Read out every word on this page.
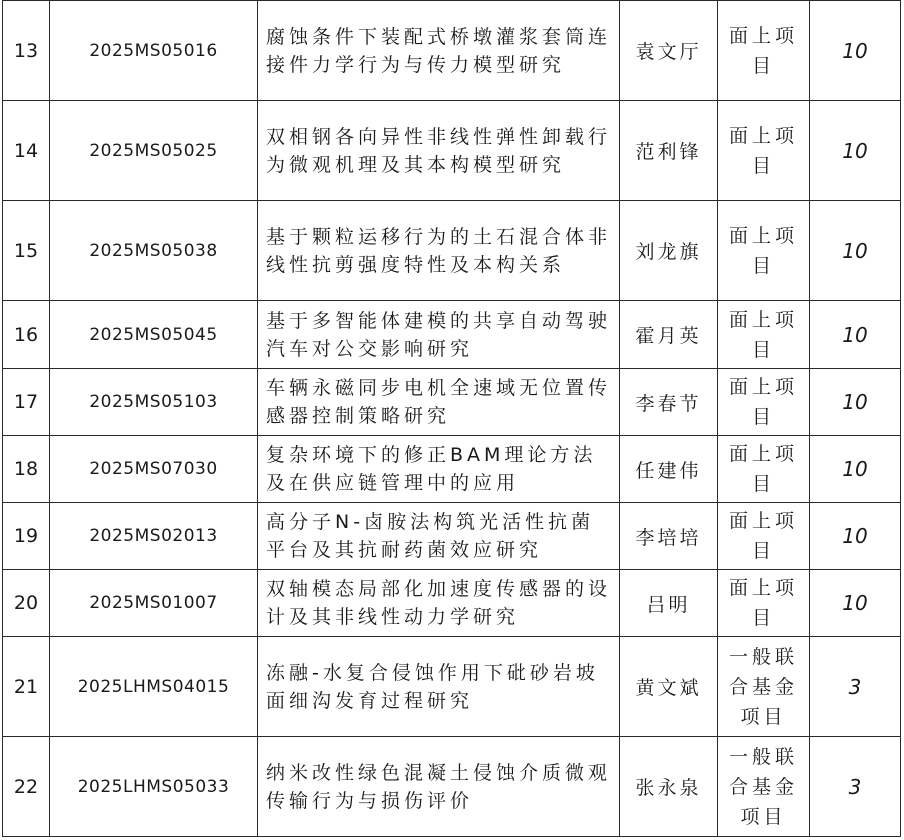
13	2025MS05016	腐蚀条件下装配式桥墩灌浆套筒连接件力学行为与传力模型研究	袁文厅	面上项目	10
14	2025MS05025	双相钢各向异性非线性弹性卸载行为微观机理及其本构模型研究	范利锋	面上项目	10
15	2025MS05038	基于颗粒运移行为的土石混合体非线性抗剪强度特性及本构关系	刘龙旗	面上项目	10
16	2025MS05045	基于多智能体建模的共享自动驾驶汽车对公交影响研究	霍月英	面上项目	10
17	2025MS05103	车辆永磁同步电机全速域无位置传感器控制策略研究	李春节	面上项目	10
18	2025MS07030	复杂环境下的修正BAM理论方法及在供应链管理中的应用	任建伟	面上项目	10
19	2025MS02013	高分子N-卤胺法构筑光活性抗菌平台及其抗耐药菌效应研究	李培培	面上项目	10
20	2025MS01007	双轴模态局部化加速度传感器的设计及其非线性动力学研究	吕明	面上项目	10
21	2025LHMS04015	冻融-水复合侵蚀作用下砒砂岩坡面细沟发育过程研究	黄文斌	一般联合基金项目	3
22	2025LHMS05033	纳米改性绿色混凝土侵蚀介质微观传输行为与损伤评价	张永泉	一般联合基金项目	3
